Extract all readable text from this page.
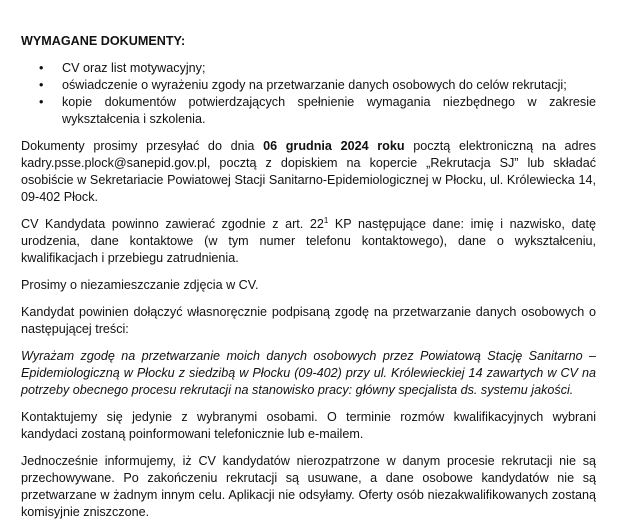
WYMAGANE DOKUMENTY:
• CV oraz list motywacyjny;
• oświadczenie o wyrażeniu zgody na przetwarzanie danych osobowych do celów rekrutacji;
• kopie dokumentów potwierdzających spełnienie wymagania niezbędnego w zakresie wykształcenia i szkolenia.

Dokumenty prosimy przesyłać do dnia 06 grudnia 2024 roku pocztą elektroniczną na adres kadry.psse.plock@sanepid.gov.pl, pocztą z dopiskiem na kopercie „Rekrutacja SJ” lub składać osobiście w Sekretariacie Powiatowej Stacji Sanitarno-Epidemiologicznej w Płocku, ul. Królewiecka 14, 09-402 Płock.

CV Kandydata powinno zawierać zgodnie z art. $22^1$ KP następujące dane: imię i nazwisko, datę urodzenia, dane kontaktowe (w tym numer telefonu kontaktowego), dane o wykształceniu, kwalifikacjach i przebiegu zatrudnienia.

Prosimy o niezamieszczanie zdjęcia w CV.

Kandydat powinien dołączyć własnoręcznie podpisaną zgodę na przetwarzanie danych osobowych o następującej treści:

Wyrażam zgodę na przetwarzanie moich danych osobowych przez Powiatową Stację Sanitarno – Epidemiologiczną w Płocku z siedzibą w Płocku (09-402) przy ul. Królewieckiej 14 zawartych w CV na potrzeby obecnego procesu rekrutacji na stanowisko pracy: główny specjalista ds. systemu jakości.

Kontaktujemy się jedynie z wybranymi osobami. O terminie rozmów kwalifikacyjnych wybrani kandydaci zostaną poinformowani telefonicznie lub e-mailem.

Jednocześnie informujemy, iż CV kandydatów nierozpatrzone w danym procesie rekrutacji nie są przechowywane. Po zakończeniu rekrutacji są usuwane, a dane osobowe kandydatów nie są przetwarzane w żadnym innym celu. Aplikacji nie odsyłamy. Oferty osób niezakwalifikowanych zostaną komisyjnie zniszczone.
